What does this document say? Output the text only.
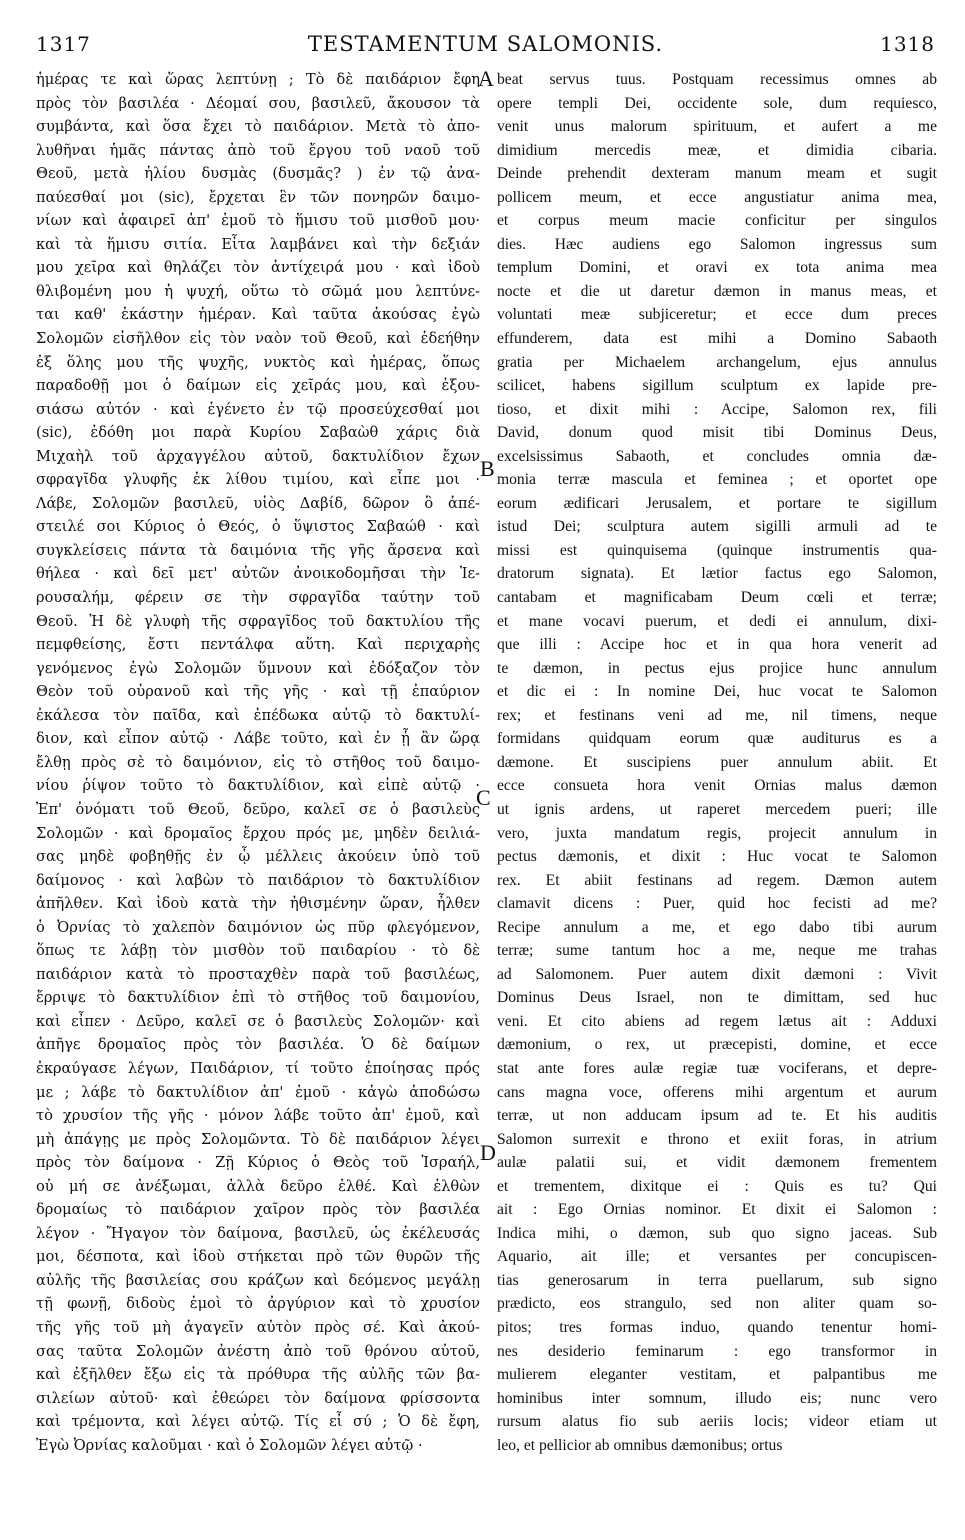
1317	TESTAMENTUM SALOMONIS.	1318
ἡμέρας τε καὶ ὥρας λεπτύνῃ ; Τὸ δὲ παιδάριον ἔφη
πρὸς τὸν βασιλέα · Δέομαί σου, βασιλεῦ, ἄκουσον τὰ
συμβάντα, καὶ ὅσα ἔχει τὸ παιδάριον. Μετὰ τὸ ἀπο-
λυθῆναι ἡμᾶς πάντας ἀπὸ τοῦ ἔργου τοῦ ναοῦ τοῦ
Θεοῦ, μετὰ ἡλίου δυσμὰς (δυσμᾶς? ) ἐν τῷ ἀνα-
παύεσθαί μοι (sic), ἔρχεται ἓν τῶν πονηρῶν δαιμο-
νίων καὶ ἀφαιρεῖ ἀπ' ἐμοῦ τὸ ἥμισυ τοῦ μισθοῦ μου·
καὶ τὰ ἥμισυ σιτία. Εἶτα λαμβάνει καὶ τὴν δεξιάν
μου χεῖρα καὶ θηλάζει τὸν ἀντίχειρά μου · καὶ ἰδοὺ
θλιβομένη μου ἡ ψυχή, οὕτω τὸ σῶμά μου λεπτύνε-
ται καθ' ἑκάστην ἡμέραν. Καὶ ταῦτα ἀκούσας ἐγὼ
Σολομῶν εἰσῆλθον εἰς τὸν ναὸν τοῦ Θεοῦ, καὶ ἐδεήθην
ἐξ ὅλης μου τῆς ψυχῆς, νυκτὸς καὶ ἡμέρας, ὅπως
παραδοθῇ μοι ὁ δαίμων εἰς χεῖράς μου, καὶ ἐξου-
σιάσω αὐτόν · καὶ ἐγένετο ἐν τῷ προσεύχεσθαί μοι
(sic), ἐδόθη μοι παρὰ Κυρίου Σαβαὼθ χάρις διὰ
Μιχαὴλ τοῦ ἀρχαγγέλου αὐτοῦ, δακτυλίδιον ἔχων
σφραγῖδα γλυφῆς ἐκ λίθου τιμίου, καὶ εἶπε μοι ·
Λάβε, Σολομῶν βασιλεῦ, υἱὸς Δαβίδ, δῶρον ὃ ἀπέ-
στειλέ σοι Κύριος ὁ Θεός, ὁ ὕψιστος Σαβαώθ · καὶ
συγκλείσεις πάντα τὰ δαιμόνια τῆς γῆς ἄρσενα καὶ
θήλεα · καὶ δεῖ μετ' αὐτῶν ἀνοικοδομῆσαι τὴν Ἱε-
ρουσαλήμ, φέρειν σε τὴν σφραγῖδα ταύτην τοῦ
Θεοῦ. Ἡ δὲ γλυφὴ τῆς σφραγῖδος τοῦ δακτυλίου τῆς
πεμφθείσης, ἔστι πεντάλφα αὕτη. Καὶ περιχαρὴς
γενόμενος ἐγὼ Σολομῶν ὕμνουν καὶ ἐδόξαζον τὸν
Θεὸν τοῦ οὐρανοῦ καὶ τῆς γῆς · καὶ τῇ ἐπαύριον
ἐκάλεσα τὸν παῖδα, καὶ ἐπέδωκα αὐτῷ τὸ δακτυλί-
διον, καὶ εἶπον αὐτῷ · Λάβε τοῦτο, καὶ ἐν ᾗ ἂν ὥρᾳ
ἔλθῃ πρὸς σὲ τὸ δαιμόνιον, εἰς τὸ στῆθος τοῦ δαιμο-
νίου ῥίψον τοῦτο τὸ δακτυλίδιον, καὶ εἰπὲ αὐτῷ ·
Ἐπ' ὀνόματι τοῦ Θεοῦ, δεῦρο, καλεῖ σε ὁ βασιλεὺς
Σολομῶν · καὶ δρομαῖος ἔρχου πρός με, μηδὲν δειλιά-
σας μηδὲ φοβηθῇς ἐν ᾧ μέλλεις ἀκούειν ὑπὸ τοῦ
δαίμονος · καὶ λαβὼν τὸ παιδάριον τὸ δακτυλίδιον
ἀπῆλθεν. Καὶ ἰδοὺ κατὰ τὴν ἠθισμένην ὥραν, ἦλθεν
ὁ Ὀρνίας τὸ χαλεπὸν δαιμόνιον ὡς πῦρ φλεγόμενον,
ὅπως τε λάβῃ τὸν μισθὸν τοῦ παιδαρίου · τὸ δὲ
παιδάριον κατὰ τὸ προσταχθὲν παρὰ τοῦ βασιλέως,
ἔρριψε τὸ δακτυλίδιον ἐπὶ τὸ στῆθος τοῦ δαιμονίου,
καὶ εἶπεν · Δεῦρο, καλεῖ σε ὁ βασιλεὺς Σολομῶν· καὶ
ἀπῆγε δρομαῖος πρὸς τὸν βασιλέα. Ὁ δὲ δαίμων
ἐκραύγασε λέγων, Παιδάριον, τί τοῦτο ἐποίησας πρός
με ; λάβε τὸ δακτυλίδιον ἀπ' ἐμοῦ · κἀγὼ ἀποδώσω
τὸ χρυσίον τῆς γῆς · μόνον λάβε τοῦτο ἀπ' ἐμοῦ, καὶ
μὴ ἀπάγῃς με πρὸς Σολομῶντα. Τὸ δὲ παιδάριον λέγει
πρὸς τὸν δαίμονα · Ζῇ Κύριος ὁ Θεὸς τοῦ Ἰσραήλ,
οὐ μή σε ἀνέξωμαι, ἀλλὰ δεῦρο ἐλθέ. Καὶ ἐλθὼν
δρομαίως τὸ παιδάριον χαῖρον πρὸς τὸν βασιλέα
λέγον · Ἤγαγον τὸν δαίμονα, βασιλεῦ, ὡς ἐκέλευσάς
μοι, δέσποτα, καὶ ἰδοὺ στήκεται πρὸ τῶν θυρῶν τῆς
αὐλῆς τῆς βασιλείας σου κράζων καὶ δεόμενος μεγάλῃ
τῇ φωνῇ, διδοὺς ἐμοὶ τὸ ἀργύριον καὶ τὸ χρυσίον
τῆς γῆς τοῦ μὴ ἀγαγεῖν αὐτὸν πρὸς σέ. Καὶ ἀκού-
σας ταῦτα Σολομῶν ἀνέστη ἀπὸ τοῦ θρόνου αὐτοῦ,
καὶ ἐξῆλθεν ἔξω εἰς τὰ πρόθυρα τῆς αὐλῆς τῶν βα-
σιλείων αὐτοῦ· καὶ ἐθεώρει τὸν δαίμονα φρίσσοντα
καὶ τρέμοντα, καὶ λέγει αὐτῷ. Τίς εἶ σύ ; Ὁ δὲ ἔφη,
Ἐγὼ Ὀρνίας καλοῦμαι · καὶ ὁ Σολομῶν λέγει αὐτῷ ·
beat servus tuus. Postquam recessimus omnes ab
opere templi Dei, occidente sole, dum requiesco,
venit unus malorum spirituum, et aufert a me
dimidium mercedis meæ, et dimidia cibaria.
Deinde prehendit dexteram manum meam et sugit
pollicem meum, et ecce angustiatur anima mea,
et corpus meum macie conficitur per singulos
dies. Hæc audiens ego Salomon ingressus sum
templum Domini, et oravi ex tota anima mea
nocte et die ut daretur dæmon in manus meas, et
voluntati meæ subjiceretur; et ecce dum preces
effunderem, data est mihi a Domino Sabaoth
gratia per Michaelem archangelum, ejus annulus
scilicet, habens sigillum sculptum ex lapide pre-
tioso, et dixit mihi : Accipe, Salomon rex, fili
David, donum quod misit tibi Dominus Deus,
excelsissimus Sabaoth, et concludes omnia dæ-
monia terræ mascula et feminea ; et oportet ope
eorum ædificari Jerusalem, et portare te sigillum
istud Dei; sculptura autem sigilli armuli ad te
missi est quinquisema (quinque instrumentis qua-
dratorum signata). Et lætior factus ego Salomon,
cantabam et magnificabam Deum cœli et terræ;
et mane vocavi puerum, et dedi ei annulum, dixi-
que illi : Accipe hoc et in qua hora venerit ad
te dæmon, in pectus ejus projice hunc annulum
et dic ei : In nomine Dei, huc vocat te Salomon
rex; et festinans veni ad me, nil timens, neque
formidans quidquam eorum quæ auditurus es a
dæmone. Et suscipiens puer annulum abiit. Et
ecce consueta hora venit Ornias malus dæmon
ut ignis ardens, ut raperet mercedem pueri; ille
vero, juxta mandatum regis, projecit annulum in
pectus dæmonis, et dixit : Huc vocat te Salomon
rex. Et abiit festinans ad regem. Dæmon autem
clamavit dicens : Puer, quid hoc fecisti ad me?
Recipe annulum a me, et ego dabo tibi aurum
terræ; sume tantum hoc a me, neque me trahas
ad Salomonem. Puer autem dixit dæmoni : Vivit
Dominus Deus Israel, non te dimittam, sed huc
veni. Et cito abiens ad regem lætus ait : Adduxi
dæmonium, o rex, ut præcepisti, domine, et ecce
stat ante fores aulæ regiæ tuæ vociferans, et depre-
cans magna voce, offerens mihi argentum et aurum
terræ, ut non adducam ipsum ad te. Et his auditis
Salomon surrexit e throno et exiit foras, in atrium
aulæ palatii sui, et vidit dæmonem frementem
et trementem, dixitque ei : Quis es tu? Qui
ait : Ego Ornias nominor. Et dixit ei Salomon :
Indica mihi, o dæmon, sub quo signo jaceas. Sub
Aquario, ait ille; et versantes per concupiscen-
tias generosarum in terra puellarum, sub signo
prædicto, eos strangulo, sed non aliter quam so-
pitos; tres formas induo, quando tenentur homi-
nes desiderio feminarum : ego transformor in
mulierem eleganter vestitam, et palpantibus me
hominibus inter somnum, illudo eis; nunc vero
rursum alatus fio sub aeriis locis; videor etiam ut
leo, et pellicior ab omnibus dæmonibus; ortus
A
B
C
D
